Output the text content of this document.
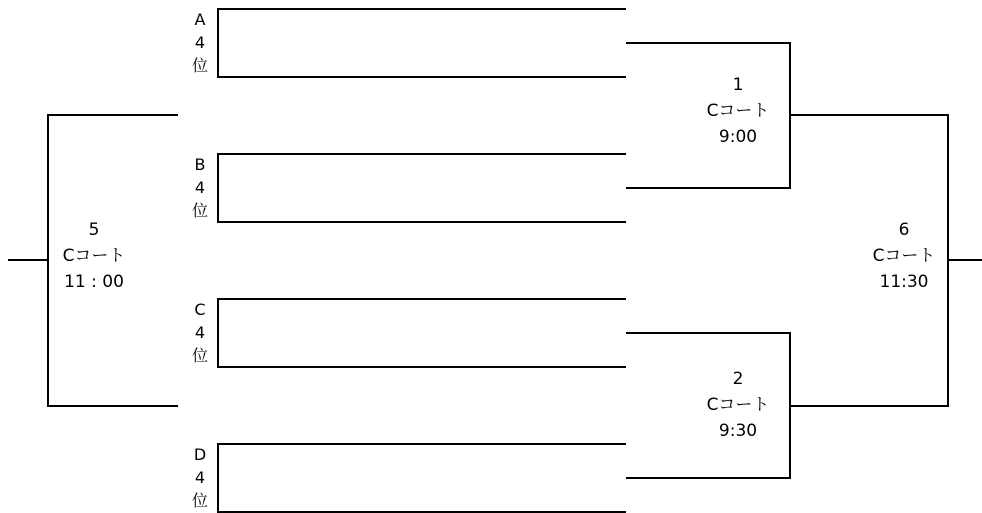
A
4
位
B
4
位
C
4
位
D
4
位
1
Cコート
9:00
2
Cコート
9:30
5
Cコート
11 : 00
6
Cコート
11:30
